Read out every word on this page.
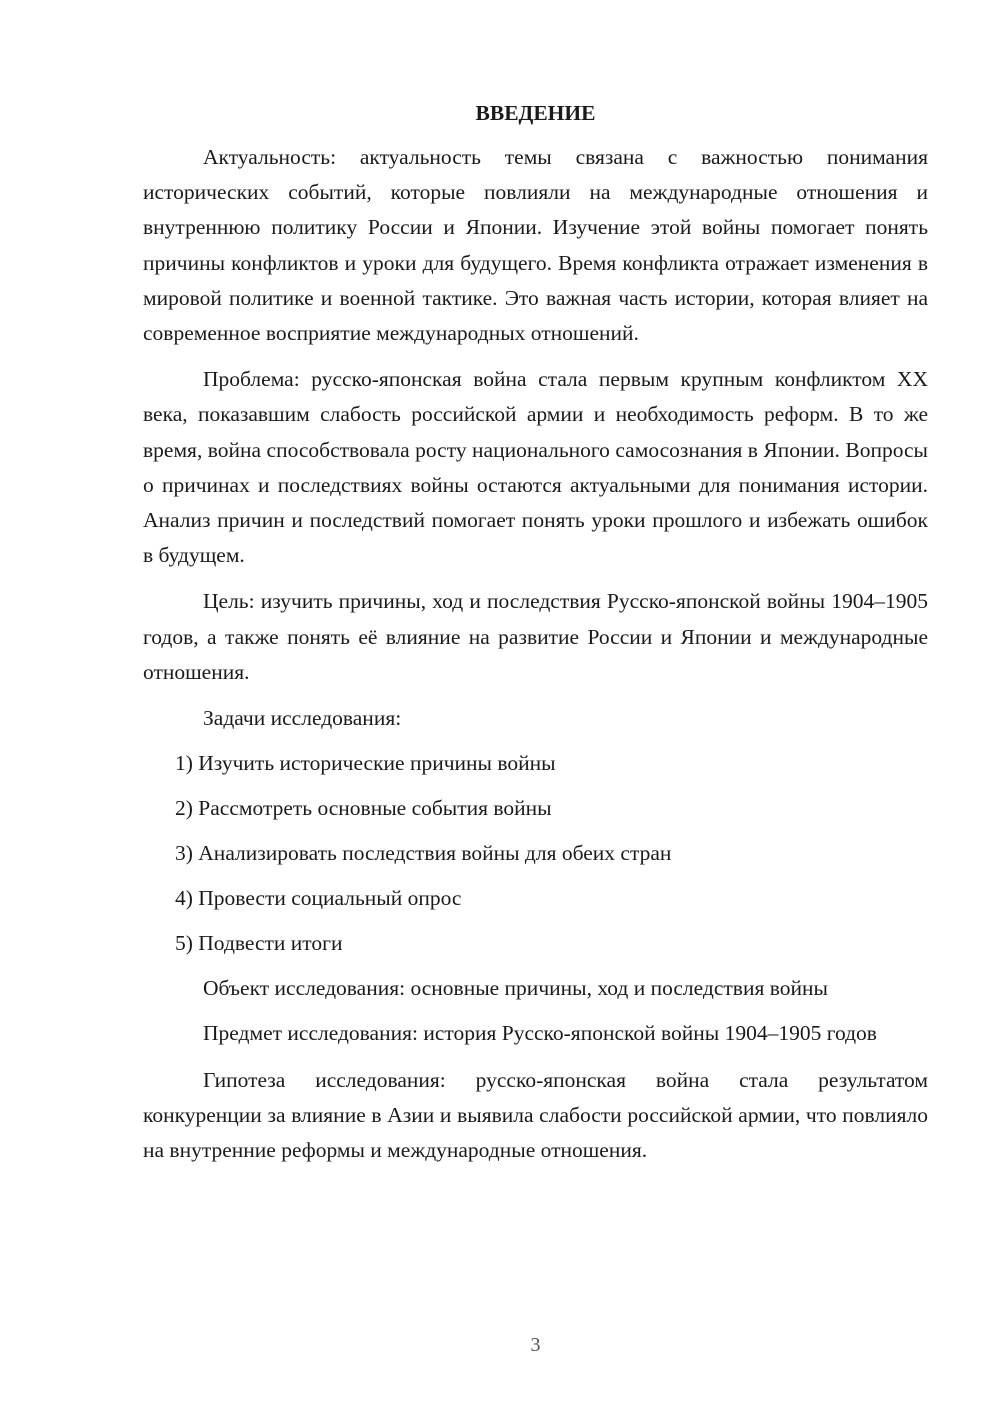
ВВЕДЕНИЕ

Актуальность: актуальность темы связана с важностью понимания исторических событий, которые повлияли на международные отношения и внутреннюю политику России и Японии. Изучение этой войны помогает понять причины конфликтов и уроки для будущего. Время конфликта отражает изменения в мировой политике и военной тактике. Это важная часть истории, которая влияет на современное восприятие международных отношений.

Проблема: русско-японская война стала первым крупным конфликтом XX века, показавшим слабость российской армии и необходимость реформ. В то же время, война способствовала росту национального самосознания в Японии. Вопросы о причинах и последствиях войны остаются актуальными для понимания истории. Анализ причин и последствий помогает понять уроки прошлого и избежать ошибок в будущем.

Цель: изучить причины, ход и последствия Русско-японской войны 1904–1905 годов, а также понять её влияние на развитие России и Японии и международные отношения.

Задачи исследования:

1) Изучить исторические причины войны
2) Рассмотреть основные события войны
3) Анализировать последствия войны для обеих стран
4) Провести социальный опрос
5) Подвести итоги

Объект исследования: основные причины, ход и последствия войны

Предмет исследования: история Русско-японской войны 1904–1905 годов

Гипотеза исследования: русско-японская война стала результатом конкуренции за влияние в Азии и выявила слабости российской армии, что повлияло на внутренние реформы и международные отношения.

3
